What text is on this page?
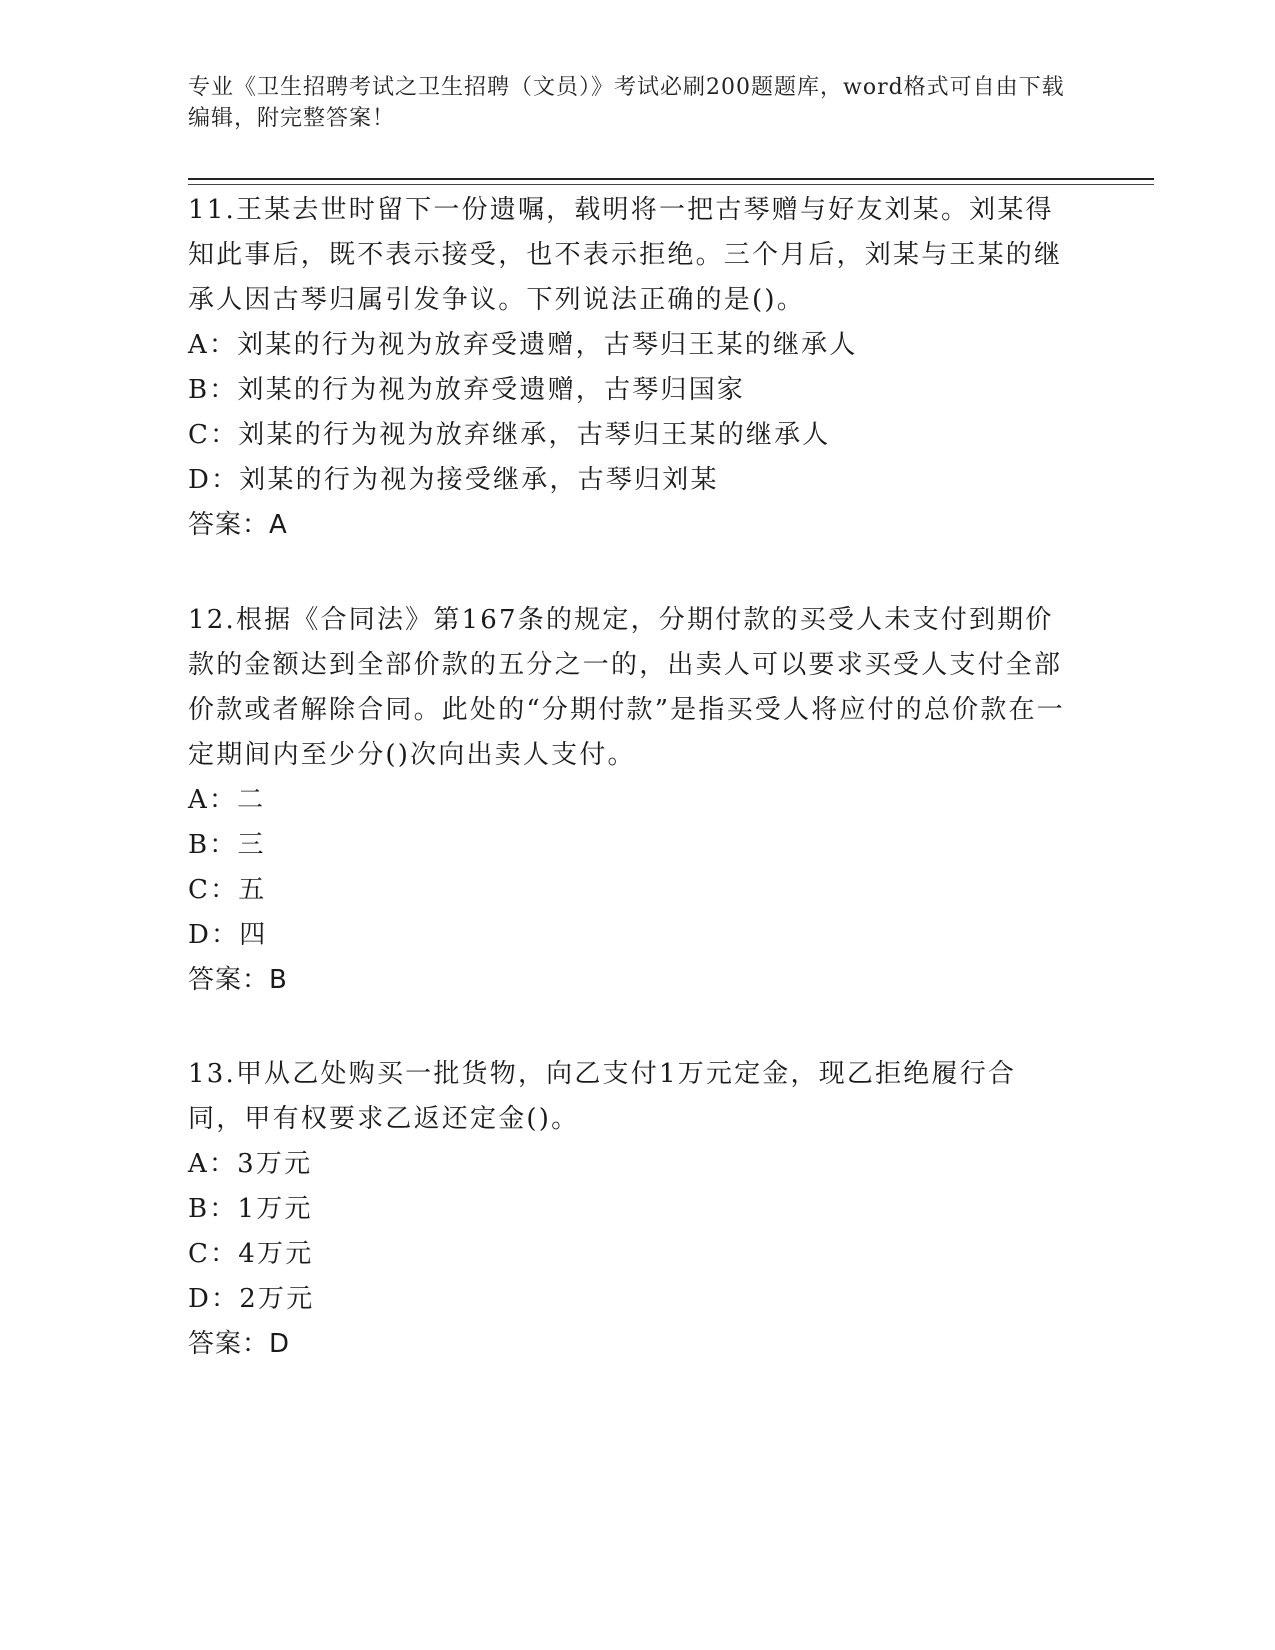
专业《卫生招聘考试之卫生招聘（文员）》考试必刷200题题库，word格式可自由下载编辑，附完整答案！

11.王某去世时留下一份遗嘱，载明将一把古琴赠与好友刘某。刘某得知此事后，既不表示接受，也不表示拒绝。三个月后，刘某与王某的继承人因古琴归属引发争议。下列说法正确的是()。

A：刘某的行为视为放弃受遗赠，古琴归王某的继承人

B：刘某的行为视为放弃受遗赠，古琴归国家

C：刘某的行为视为放弃继承，古琴归王某的继承人

D：刘某的行为视为接受继承，古琴归刘某

答案：A

12.根据《合同法》第167条的规定，分期付款的买受人未支付到期价款的金额达到全部价款的五分之一的，出卖人可以要求买受人支付全部价款或者解除合同。此处的“分期付款”是指买受人将应付的总价款在一定期间内至少分()次向出卖人支付。

A：二

B：三

C：五

D：四

答案：B

13.甲从乙处购买一批货物，向乙支付1万元定金，现乙拒绝履行合同，甲有权要求乙返还定金()。

A：3万元

B：1万元

C：4万元

D：2万元

答案：D
